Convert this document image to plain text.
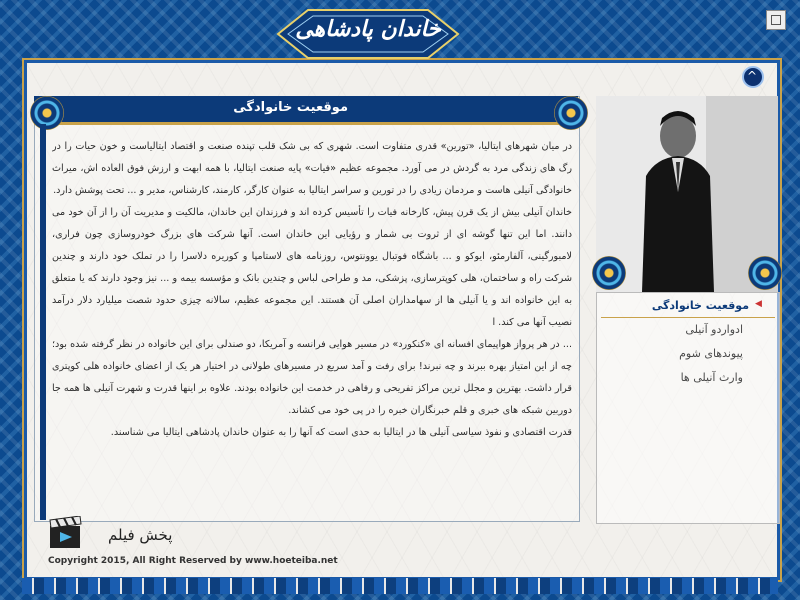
خاندان پادشاهی
^
موقعیت خانوادگی

در میان شهرهای ایتالیا، «تورین» قدری متفاوت است. شهری که بی شک قلب تپنده صنعت و اقتصاد ایتالیاست و خون حیات را در رگ های زندگی مرد به گردش در می آورد. مجموعه عظیم «فیات» پایه صنعت ایتالیا، با همه ابهت و ارزش فوق العاده اش، میراث خانوادگی آنیلی هاست و مردمان زیادی را در تورین و سراسر ایتالیا به عنوان کارگر، کارمند، کارشناس، مدیر و ... تحت پوشش دارد.

خاندان آنیلی بیش از یک قرن پیش، کارخانه فیات را تأسیس کرده اند و فرزندان این خاندان، مالکیت و مدیریت آن را از آن خود می دانند. اما این تنها گوشه ای از ثروت بی شمار و رؤیایی این خاندان است. آنها شرکت های بزرگ خودروسازی چون فراری، لامبورگینی، آلفارمئو، ایوکو و ... باشگاه فوتبال یوونتوس، روزنامه های لاستامپا و کوریره دلاسرا را در تملک خود دارند و چندین شرکت راه و ساختمان، هلی کوپترسازی، پزشکی، مد و طراحی لباس و چندین بانک و مؤسسه بیمه و ... نیز وجود دارند که یا متعلق به این خانواده اند و یا آنیلی ها از سهامداران اصلی آن هستند. این مجموعه عظیم، سالانه چیزی حدود شصت میلیارد دلار درآمد نصیب آنها می کند. ا

... در هر پرواز هواپیمای افسانه ای «کنکورد» در مسیر هوایی فرانسه و آمریکا، دو صندلی برای این خانواده در نظر گرفته شده بود؛ چه از این امتیاز بهره ببرند و چه نبرند! برای رفت و آمد سریع در مسیرهای طولانی در اختیار هر یک از اعضای خانواده هلی کوپتری قرار داشت. بهترین و مجلل ترین مراکز تفریحی و رفاهی در خدمت این خانواده بودند. علاوه بر اینها قدرت و شهرت آنیلی ها همه جا دوربین شبکه های خبری و قلم خبرنگاران خبره را در پی خود می کشاند.

قدرت اقتصادی و نفوذ سیاسی آنیلی ها در ایتالیا به حدی است که آنها را به عنوان خاندان پادشاهی ایتالیا می شناسند.

پخش فیلم
Copyright 2015, All Right Reserved by www.hoeteiba.net
◀
موقعیت خانوادگی
ادواردو آنیلی
پیوندهای شوم
وارث آنیلی ها
